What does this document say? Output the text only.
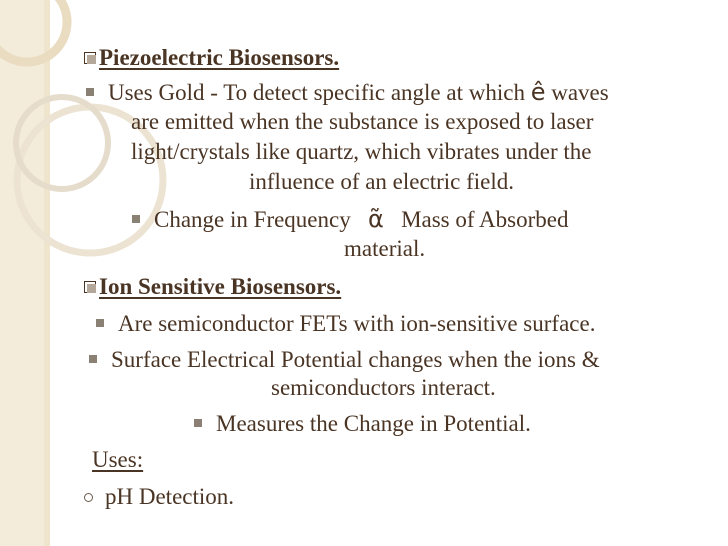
Piezoelectric Biosensors.
Uses Gold - To detect specific angle at which ê waves
are emitted when the substance is exposed to laser
light/crystals like quartz, which vibrates under the
influence of an electric field.
Change in Frequency α̃ Mass of Absorbed
material.
Ion Sensitive Biosensors.
Are semiconductor FETs with ion-sensitive surface.
Surface Electrical Potential changes when the ions &
semiconductors interact.
Measures the Change in Potential.
Uses:
pH Detection.
